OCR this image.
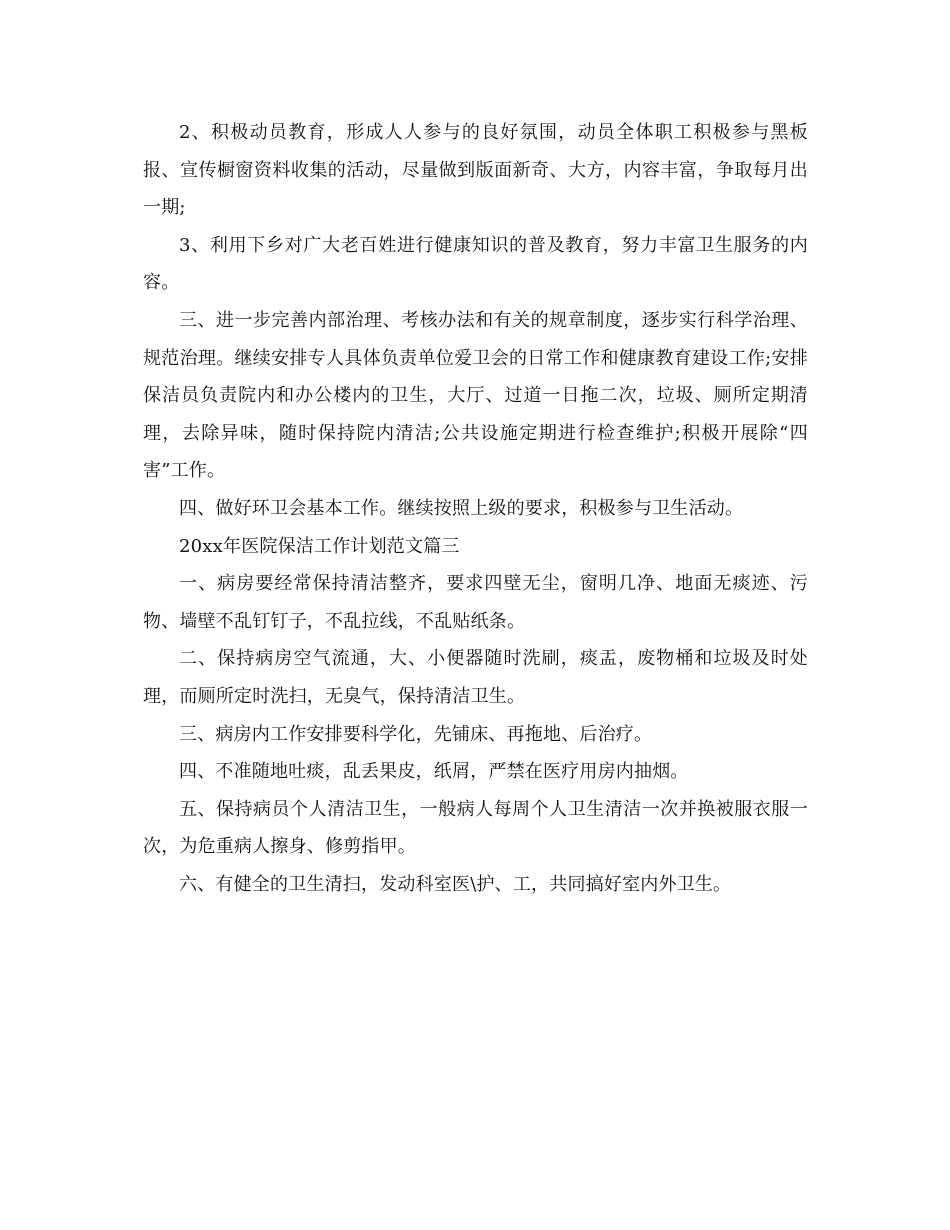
2、积极动员教育，形成人人参与的良好氛围，动员全体职工积极参与黑板报、宣传橱窗资料收集的活动，尽量做到版面新奇、大方，内容丰富，争取每月出一期;

3、利用下乡对广大老百姓进行健康知识的普及教育，努力丰富卫生服务的内容。

三、进一步完善内部治理、考核办法和有关的规章制度，逐步实行科学治理、规范治理。继续安排专人具体负责单位爱卫会的日常工作和健康教育建设工作;安排保洁员负责院内和办公楼内的卫生，大厅、过道一日拖二次，垃圾、厕所定期清理，去除异味，随时保持院内清洁;公共设施定期进行检查维护;积极开展除“四害”工作。

四、做好环卫会基本工作。继续按照上级的要求，积极参与卫生活动。

20xx年医院保洁工作计划范文篇三

一、病房要经常保持清洁整齐，要求四壁无尘，窗明几净、地面无痰迹、污物、墙壁不乱钉钉子，不乱拉线，不乱贴纸条。

二、保持病房空气流通，大、小便器随时洗刷，痰盂，废物桶和垃圾及时处理，而厕所定时洗扫，无臭气，保持清洁卫生。

三、病房内工作安排要科学化，先铺床、再拖地、后治疗。

四、不准随地吐痰，乱丢果皮，纸屑，严禁在医疗用房内抽烟。

五、保持病员个人清洁卫生，一般病人每周个人卫生清洁一次并换被服衣服一次，为危重病人擦身、修剪指甲。

六、有健全的卫生清扫，发动科室医\护、工，共同搞好室内外卫生。
